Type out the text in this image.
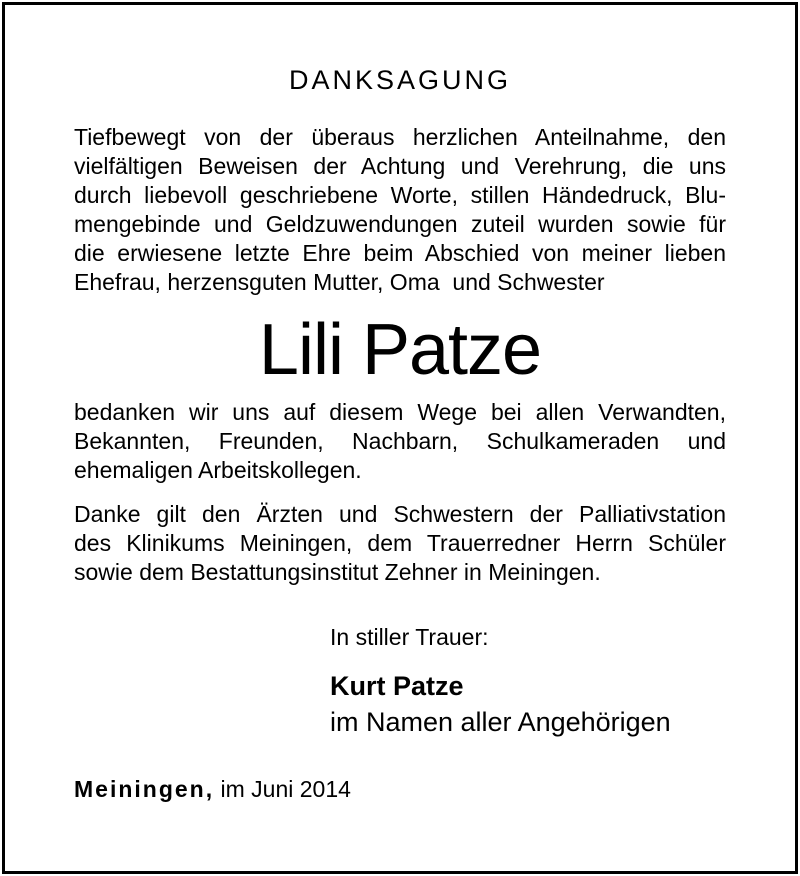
DANKSAGUNG
Tiefbewegt von der überaus herzlichen Anteilnahme, den
vielfältigen Beweisen der Achtung und Verehrung, die uns
durch liebevoll geschriebene Worte, stillen Händedruck, Blu-
mengebinde und Geldzuwendungen zuteil wurden sowie für
die erwiesene letzte Ehre beim Abschied von meiner lieben
Ehefrau, herzensguten Mutter, Oma  und Schwester
Lili Patze
bedanken wir uns auf diesem Wege bei allen Verwandten,
Bekannten, Freunden, Nachbarn, Schulkameraden und
ehemaligen Arbeitskollegen.
Danke gilt den Ärzten und Schwestern der Palliativstation
des Klinikums Meiningen, dem Trauerredner Herrn Schüler
sowie dem Bestattungsinstitut Zehner in Meiningen.
In stiller Trauer:
Kurt Patze
im Namen aller Angehörigen
Meiningen, im Juni 2014
